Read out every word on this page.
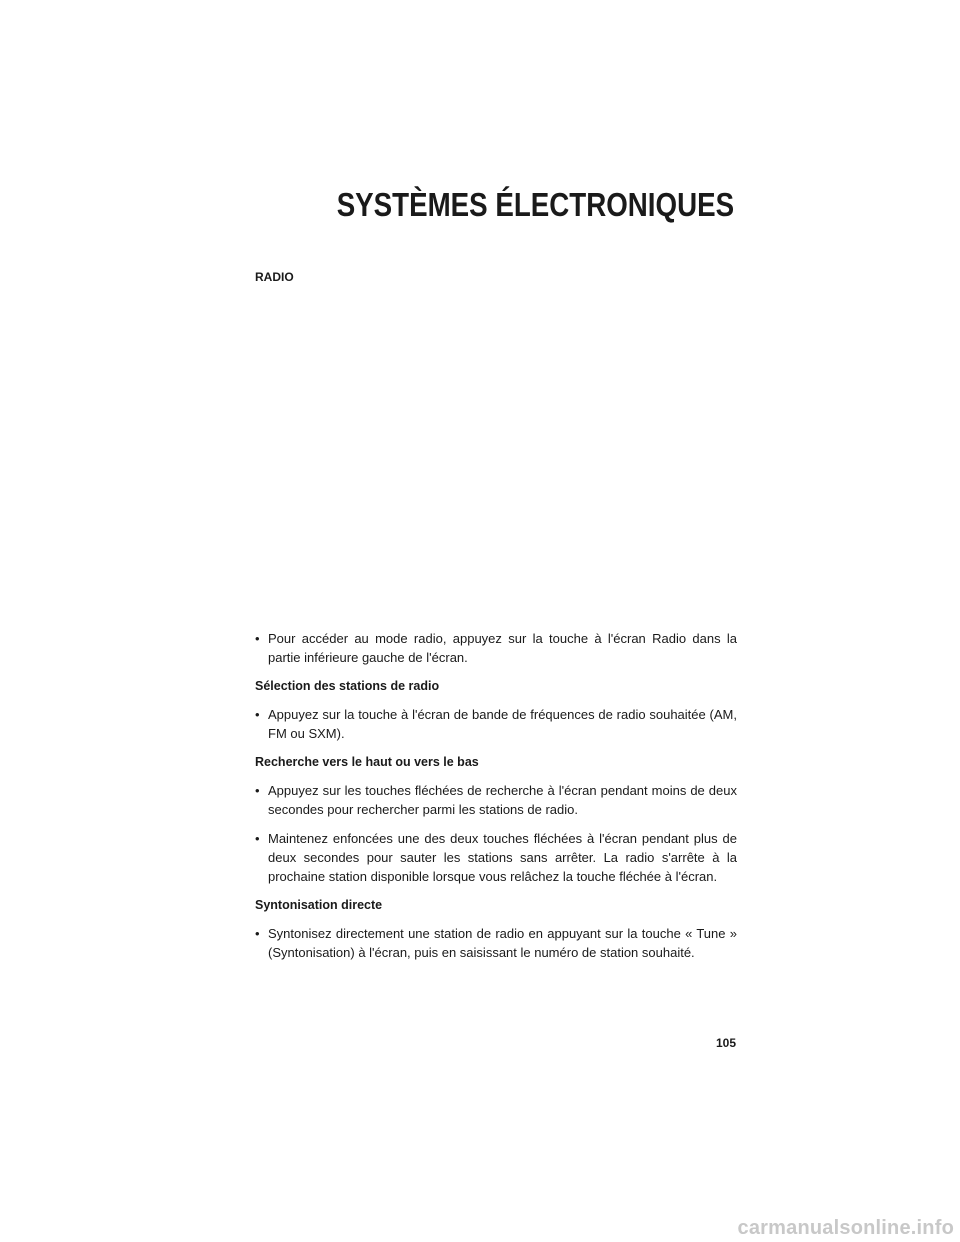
SYSTÈMES ÉLECTRONIQUES
RADIO

• Pour accéder au mode radio, appuyez sur la touche à l'écran Radio dans la partie inférieure gauche de l'écran.

Sélection des stations de radio

• Appuyez sur la touche à l'écran de bande de fréquences de radio souhaitée (AM, FM ou SXM).

Recherche vers le haut ou vers le bas

• Appuyez sur les touches fléchées de recherche à l'écran pendant moins de deux secondes pour rechercher parmi les stations de radio.

• Maintenez enfoncées une des deux touches fléchées à l'écran pendant plus de deux secondes pour sauter les stations sans arrêter. La radio s'arrête à la prochaine station disponible lorsque vous relâchez la touche fléchée à l'écran.

Syntonisation directe

• Syntonisez directement une station de radio en appuyant sur la touche « Tune » (Syntonisation) à l'écran, puis en saisissant le numéro de station souhaité.

105
carmanualsonline.info
